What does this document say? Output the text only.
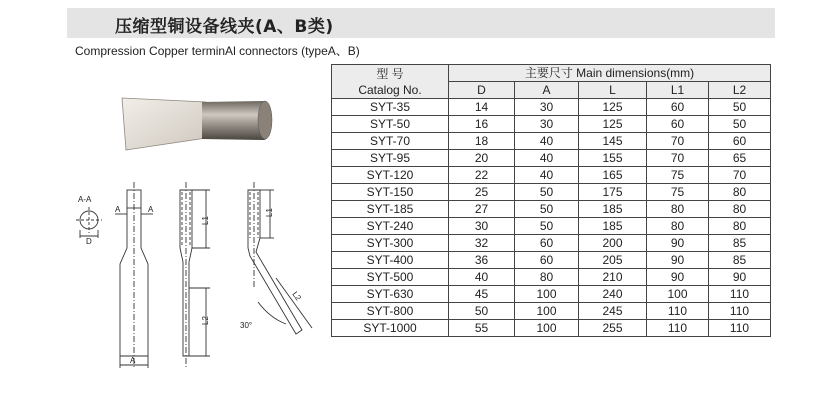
压缩型铜设备线夹(A、B类)
Compression Copper terminAl connectors (typeA、B)
A-A
D
A	A
A
L1
L2
L1
L2
30°
型 号
Catalog No.	主要尺寸 Main dimensions(mm)				
	D	A	L	L1	L2
SYT-35	14	30	125	60	50
SYT-50	16	30	125	60	50
SYT-70	18	40	145	70	60
SYT-95	20	40	155	70	65
SYT-120	22	40	165	75	70
SYT-150	25	50	175	75	80
SYT-185	27	50	185	80	80
SYT-240	30	50	185	80	80
SYT-300	32	60	200	90	85
SYT-400	36	60	205	90	85
SYT-500	40	80	210	90	90
SYT-630	45	100	240	100	110
SYT-800	50	100	245	110	110
SYT-1000	55	100	255	110	110
